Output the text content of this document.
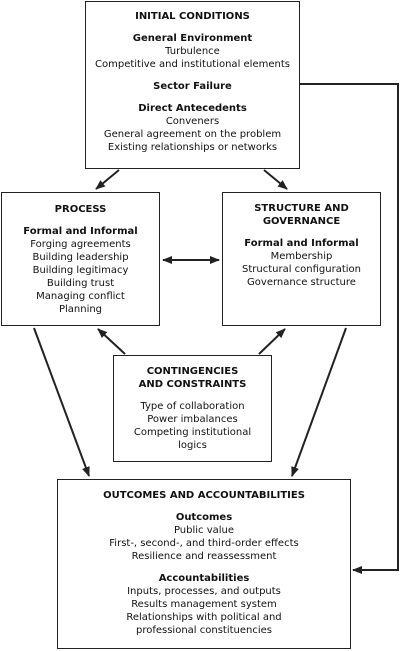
INITIAL CONDITIONS
General Environment
Turbulence
Competitive and institutional elements
Sector Failure
Direct Antecedents
Conveners
General agreement on the problem
Existing relationships or networks
PROCESS
Formal and Informal
Forging agreements
Building leadership
Building legitimacy
Building trust
Managing conflict
Planning
STRUCTURE AND
GOVERNANCE
Formal and Informal
Membership
Structural configuration
Governance structure
CONTINGENCIES
AND CONSTRAINTS
Type of collaboration
Power imbalances
Competing institutional
logics
OUTCOMES AND ACCOUNTABILITIES
Outcomes
Public value
First-, second-, and third-order effects
Resilience and reassessment
Accountabilities
Inputs, processes, and outputs
Results management system
Relationships with political and
professional constituencies
